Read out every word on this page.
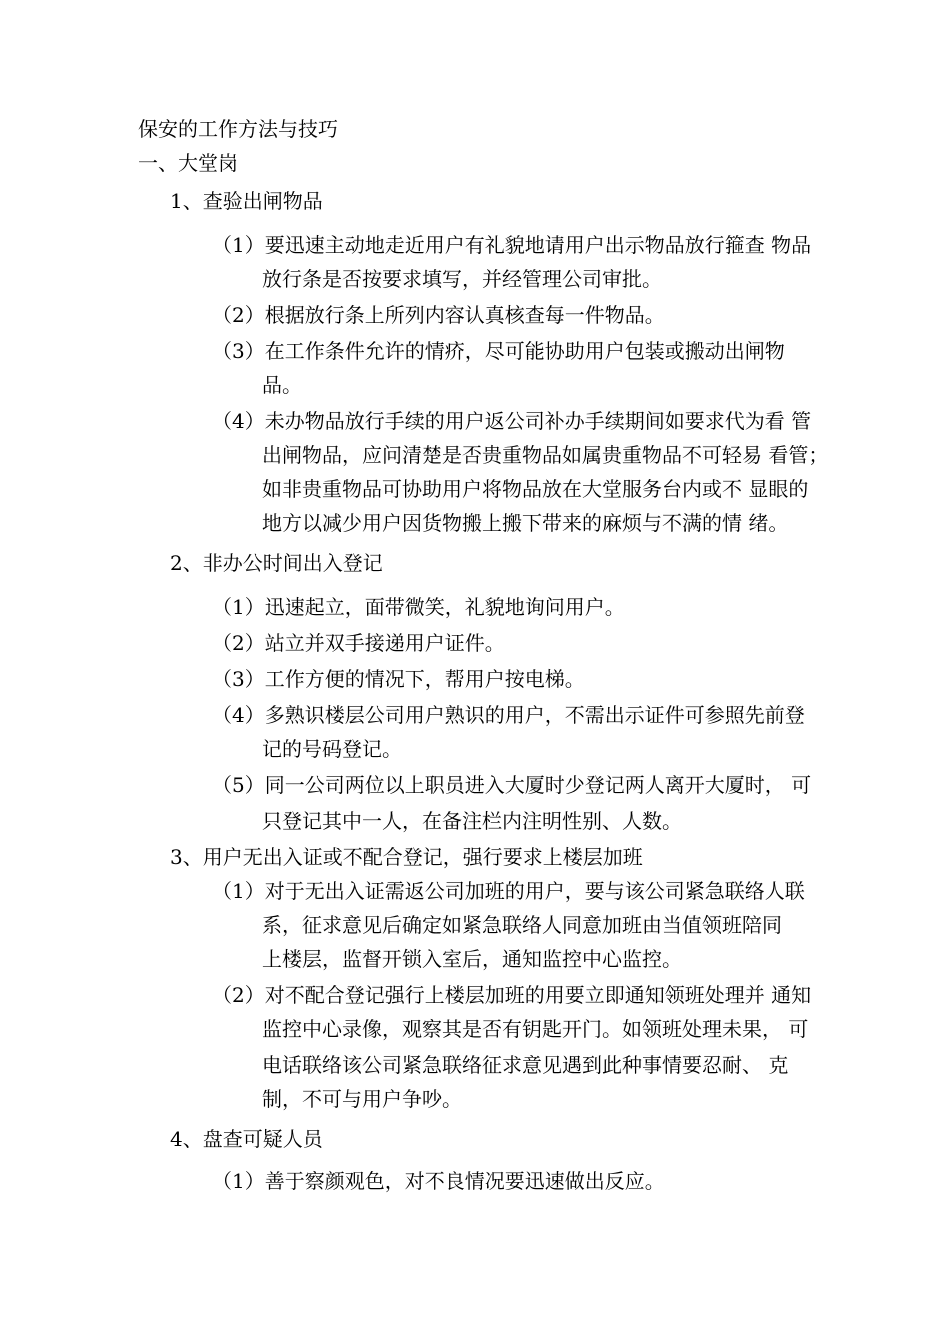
保安的工作方法与技巧
一、大堂岗
1、查验出闸物品
（1）要迅速主动地走近用户有礼貌地请用户出示物品放行箍查 物品
放行条是否按要求填写，并经管理公司审批。
（2）根据放行条上所列内容认真核查每一件物品。
（3）在工作条件允许的情疥，尽可能协助用户包装或搬动出闸物
品。
（4）未办物品放行手续的用户返公司补办手续期间如要求代为看 管
出闸物品，应问清楚是否贵重物品如属贵重物品不可轻易 看管；
如非贵重物品可协助用户将物品放在大堂服务台内或不 显眼的
地方以减少用户因货物搬上搬下带来的麻烦与不满的情 绪。
2、非办公时间出入登记
（1）迅速起立，面带微笑，礼貌地询问用户。
（2）站立并双手接递用户证件。
（3）工作方便的情况下，帮用户按电梯。
（4）多熟识楼层公司用户熟识的用户，不需出示证件可参照先前登
记的号码登记。
（5）同一公司两位以上职员进入大厦时少登记两人离开大厦时， 可
只登记其中一人，在备注栏内注明性别、人数。
3、用户无出入证或不配合登记，强行要求上楼层加班
（1）对于无出入证需返公司加班的用户，要与该公司紧急联络人联
系，征求意见后确定如紧急联络人同意加班由当值领班陪同
上楼层，监督开锁入室后，通知监控中心监控。
（2）对不配合登记强行上楼层加班的用要立即通知领班处理并 通知
监控中心录像，观察其是否有钥匙开门。如领班处理未果， 可
电话联络该公司紧急联络征求意见遇到此种事情要忍耐、 克
制，不可与用户争吵。
4、盘查可疑人员
（1）善于察颜观色，对不良情况要迅速做出反应。
